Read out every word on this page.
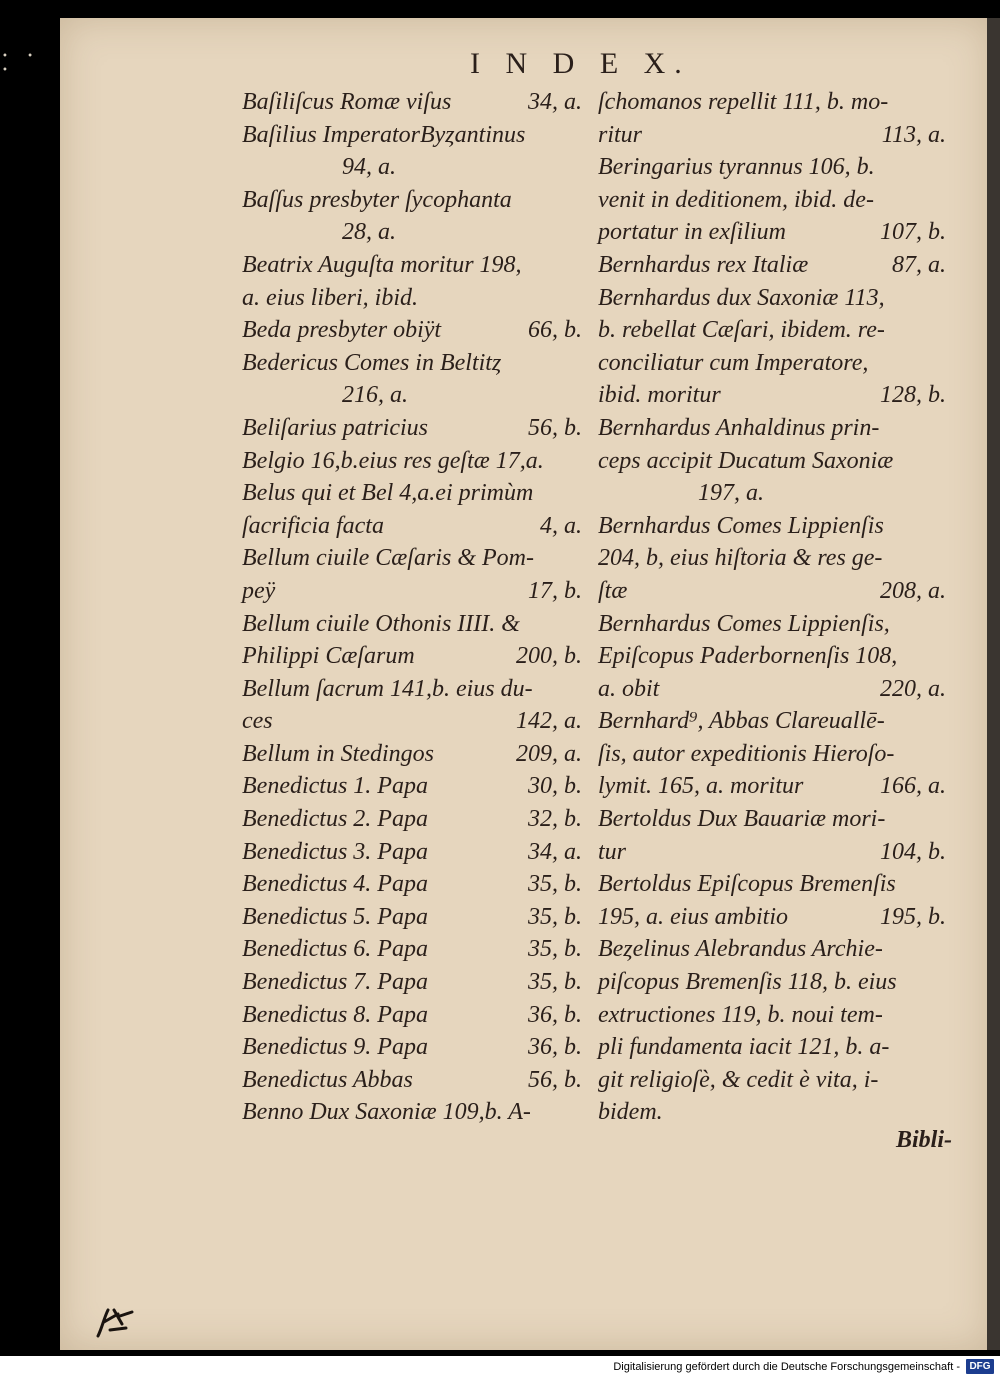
• • •	I N D E X.
Baſiliſcus Romæ viſus	34, a.
Baſilius ImperatorByȥantinus
94, a.
Baſſus presbyter ſycophanta
28, a.
Beatrix Auguſta moritur 198,
a. eius liberi, ibid.
Beda presbyter obiÿt	66, b.
Bedericus Comes in Beltitȥ
216, a.
Beliſarius patricius	56, b.
Belgio 16,b.eius res geſtæ 17,a.
Belus qui et Bel 4,a.ei primùm
ſacrificia facta	4, a.
Bellum ciuile Cæſaris & Pom-
peÿ	17, b.
Bellum ciuile Othonis IIII. &
Philippi Cæſarum	200, b.
Bellum ſacrum 141,b. eius du-
ces	142, a.
Bellum in Stedingos	209, a.
Benedictus 1. Papa	30, b.
Benedictus 2. Papa	32, b.
Benedictus 3. Papa	34, a.
Benedictus 4. Papa	35, b.
Benedictus 5. Papa	35, b.
Benedictus 6. Papa	35, b.
Benedictus 7. Papa	35, b.
Benedictus 8. Papa	36, b.
Benedictus 9. Papa	36, b.
Benedictus Abbas	56, b.
Benno Dux Saxoniæ 109,b. A-
ſchomanos repellit 111, b. mo-
ritur	113, a.
Beringarius tyrannus 106, b.
venit in deditionem, ibid. de-
portatur in exſilium	107, b.
Bernhardus rex Italiæ	87, a.
Bernhardus dux Saxoniæ 113,
b. rebellat Cæſari, ibidem. re-
conciliatur cum Imperatore,
ibid. moritur	128, b.
Bernhardus Anhaldinus prin-
ceps accipit Ducatum Saxoniæ
197, a.
Bernhardus Comes Lippienſis
204, b, eius hiſtoria & res ge-
ſtæ	208, a.
Bernhardus Comes Lippienſis,
Epiſcopus Paderbornenſis 108,
a. obit	220, a.
Bernhard⁹, Abbas Clareuallē-
ſis, autor expeditionis Hieroſo-
lymit. 165, a. moritur	166, a.
Bertoldus Dux Bauariæ mori-
tur	104, b.
Bertoldus Epiſcopus Bremenſis
195, a. eius ambitio	195, b.
Beȥelinus Alebrandus Archie-
piſcopus Bremenſis 118, b. eius
extructiones 119, b. noui tem-
pli fundamenta iacit 121, b. a-
git religioſè, & cedit è vita, i-
bidem.
Bibli-
Digitalisierung gefördert durch die Deutsche Forschungsgemeinschaft - DFG
